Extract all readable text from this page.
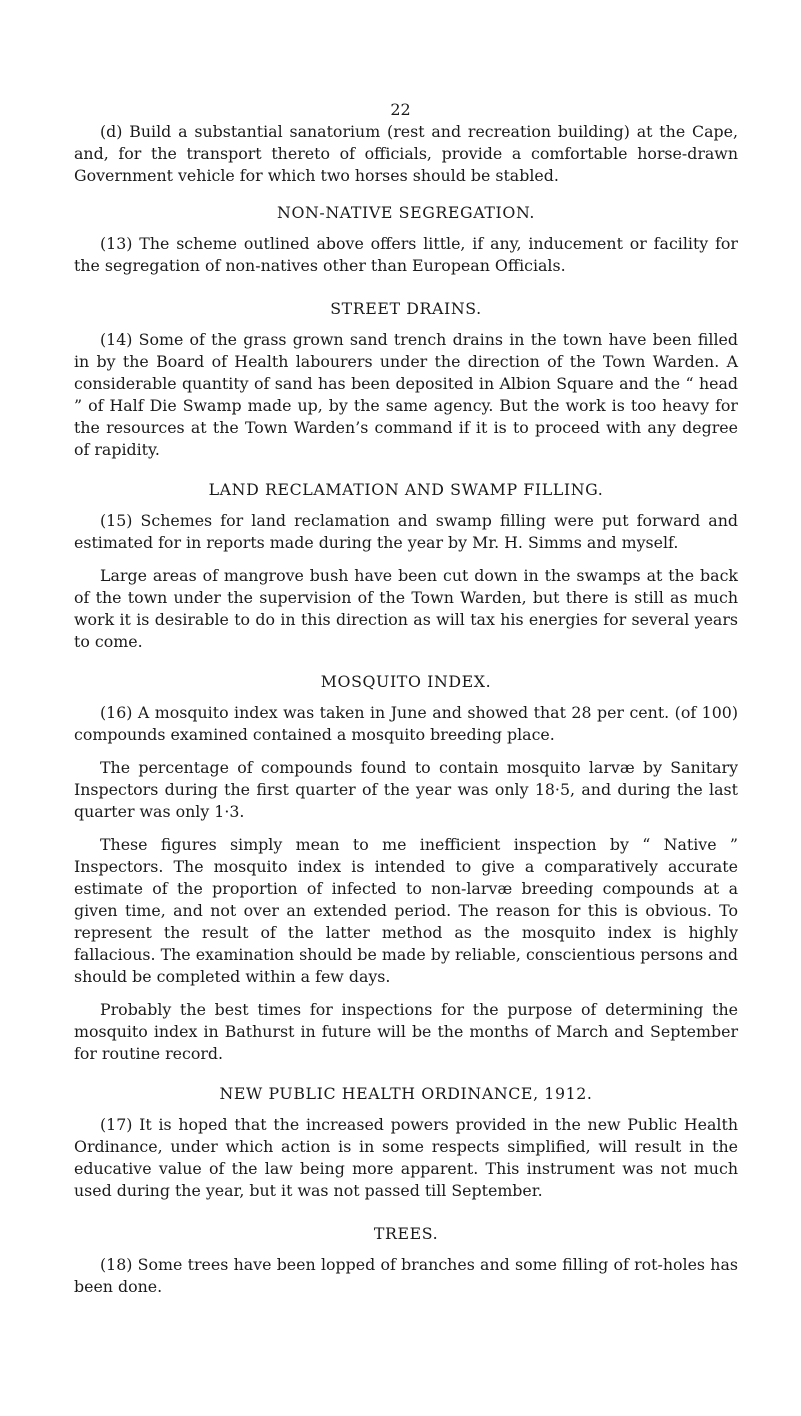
22

(d) Build a substantial sanatorium (rest and recreation building) at the Cape, and, for the transport thereto of officials, provide a comfortable horse-drawn Government vehicle for which two horses should be stabled.

NON-NATIVE SEGREGATION.

(13) The scheme outlined above offers little, if any, inducement or facility for the segregation of non-natives other than European Officials.

STREET DRAINS.

(14) Some of the grass grown sand trench drains in the town have been filled in by the Board of Health labourers under the direction of the Town Warden. A considerable quantity of sand has been deposited in Albion Square and the “ head ” of Half Die Swamp made up, by the same agency. But the work is too heavy for the resources at the Town Warden’s command if it is to proceed with any degree of rapidity.

LAND RECLAMATION AND SWAMP FILLING.

(15) Schemes for land reclamation and swamp filling were put forward and estimated for in reports made during the year by Mr. H. Simms and myself.

Large areas of mangrove bush have been cut down in the swamps at the back of the town under the supervision of the Town Warden, but there is still as much work it is desirable to do in this direction as will tax his energies for several years to come.

MOSQUITO INDEX.

(16) A mosquito index was taken in June and showed that 28 per cent. (of 100) compounds examined contained a mosquito breeding place.

The percentage of compounds found to contain mosquito larvæ by Sanitary Inspectors during the first quarter of the year was only 18·5, and during the last quarter was only 1·3.

These figures simply mean to me inefficient inspection by “ Native ” Inspectors. The mosquito index is intended to give a comparatively accurate estimate of the proportion of infected to non-larvæ breeding compounds at a given time, and not over an extended period. The reason for this is obvious. To represent the result of the latter method as the mosquito index is highly fallacious. The examination should be made by reliable, conscientious persons and should be completed within a few days.

Probably the best times for inspections for the purpose of determining the mosquito index in Bathurst in future will be the months of March and September for routine record.

NEW PUBLIC HEALTH ORDINANCE, 1912.

(17) It is hoped that the increased powers provided in the new Public Health Ordinance, under which action is in some respects simplified, will result in the educative value of the law being more apparent. This instrument was not much used during the year, but it was not passed till September.

TREES.

(18) Some trees have been lopped of branches and some filling of rot-holes has been done.
